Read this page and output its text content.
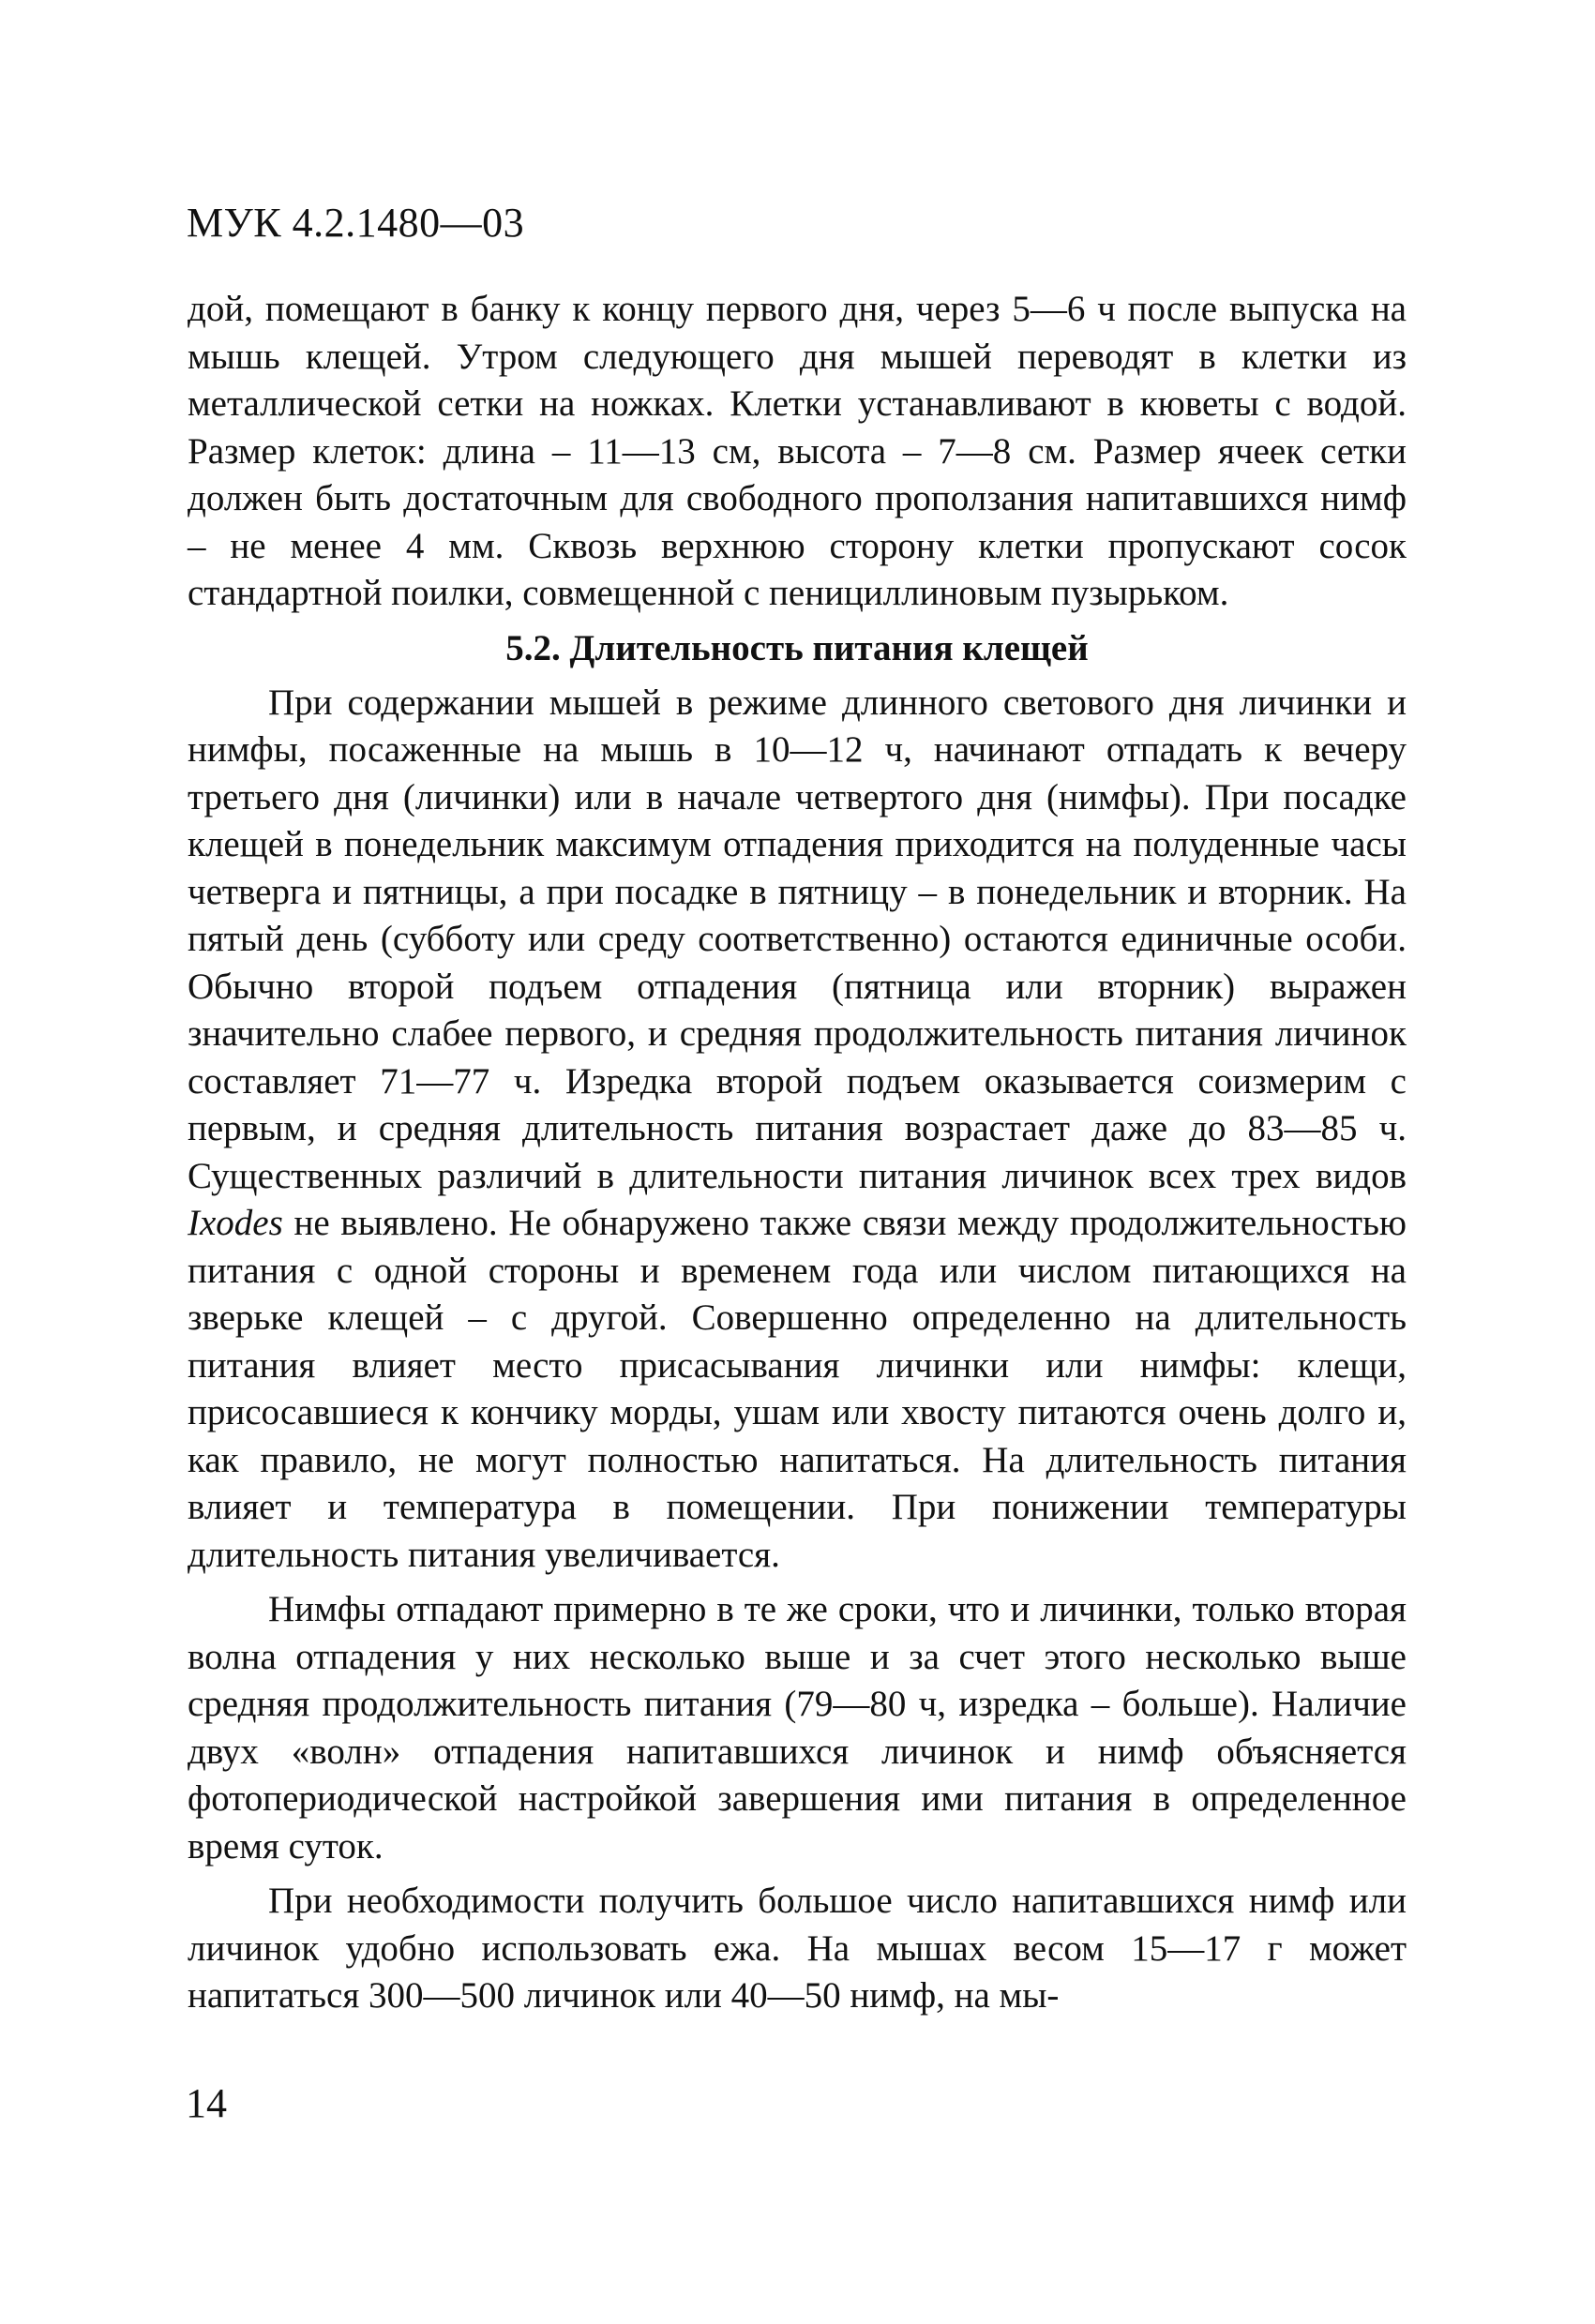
МУК 4.2.1480—03

дой, помещают в банку к концу первого дня, через 5—6 ч после выпуска на мышь клещей. Утром следующего дня мышей переводят в клетки из металлической сетки на ножках. Клетки устанавливают в кюветы с водой. Размер клеток: длина – 11—13 см, высота – 7—8 см. Размер ячеек сетки должен быть достаточным для свободного проползания напитавшихся нимф – не менее 4 мм. Сквозь верхнюю сторону клетки пропускают сосок стандартной поилки, совмещенной с пенициллиновым пузырьком.

5.2. Длительность питания клещей

При содержании мышей в режиме длинного светового дня личинки и нимфы, посаженные на мышь в 10—12 ч, начинают отпадать к вечеру третьего дня (личинки) или в начале четвертого дня (нимфы). При посадке клещей в понедельник максимум отпадения приходится на полуденные часы четверга и пятницы, а при посадке в пятницу – в понедельник и вторник. На пятый день (субботу или среду соответственно) остаются единичные особи. Обычно второй подъем отпадения (пятница или вторник) выражен значительно слабее первого, и средняя продолжительность питания личинок составляет 71—77 ч. Изредка второй подъем оказывается соизмерим с первым, и средняя длительность питания возрастает даже до 83—85 ч. Существенных различий в длительности питания личинок всех трех видов Ixodes не выявлено. Не обнаружено также связи между продолжительностью питания с одной стороны и временем года или числом питающихся на зверьке клещей – с другой. Совершенно определенно на длительность питания влияет место присасывания личинки или нимфы: клещи, присосавшиеся к кончику морды, ушам или хвосту питаются очень долго и, как правило, не могут полностью напитаться. На длительность питания влияет и температура в помещении. При понижении температуры длительность питания увеличивается.

Нимфы отпадают примерно в те же сроки, что и личинки, только вторая волна отпадения у них несколько выше и за счет этого несколько выше средняя продолжительность питания (79—80 ч, изредка – больше). Наличие двух «волн» отпадения напитавшихся личинок и нимф объясняется фотопериодической настройкой завершения ими питания в определенное время суток.

При необходимости получить большое число напитавшихся нимф или личинок удобно использовать ежа. На мышах весом 15—17 г может напитаться 300—500 личинок или 40—50 нимф, на мы-

14
